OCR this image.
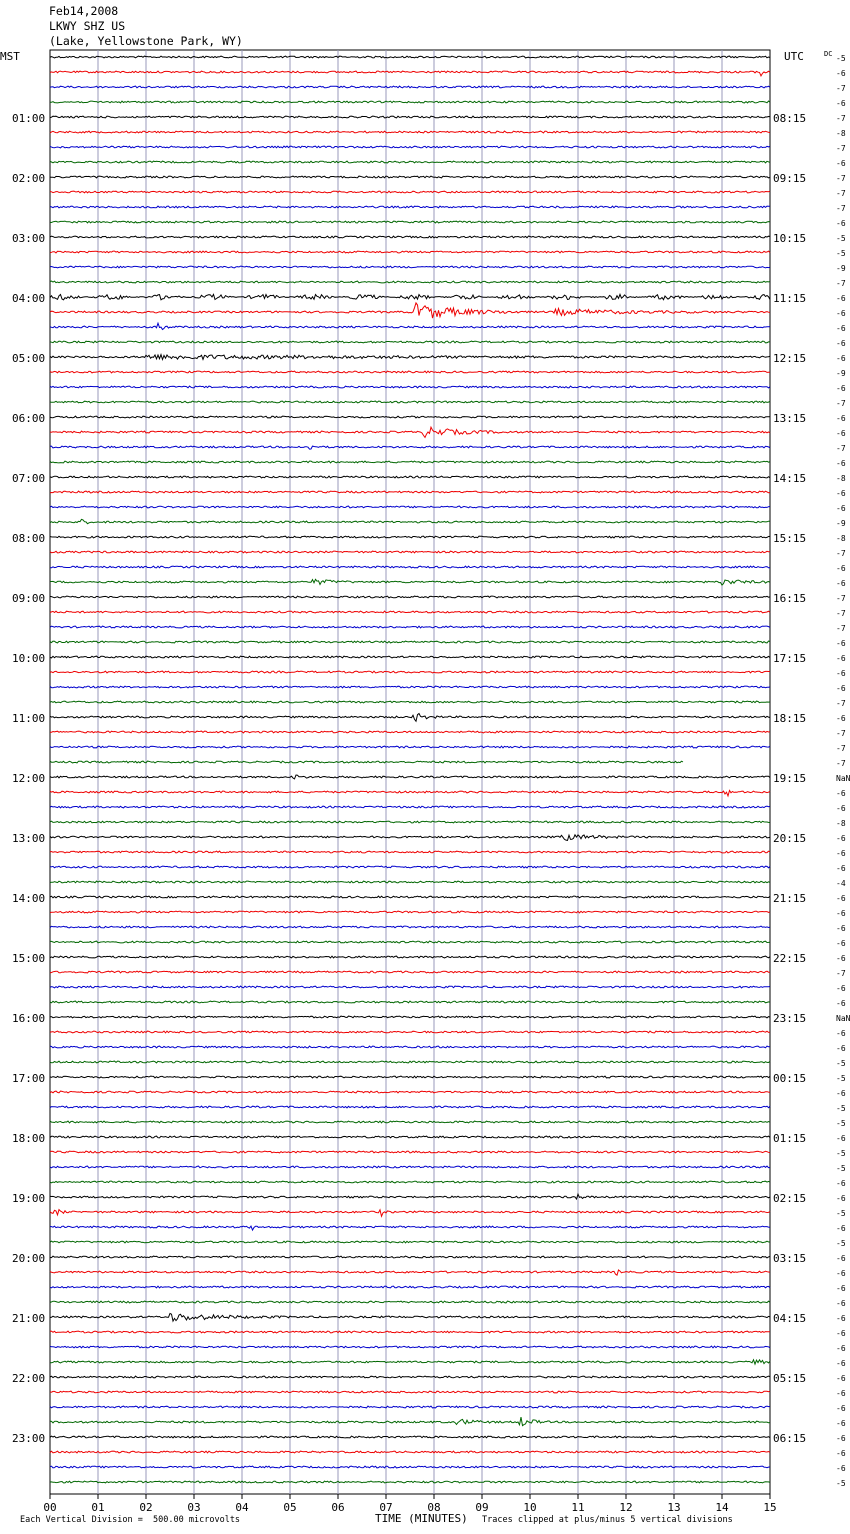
00	01	02	03	04	05	06	07	08	09	10	11	12	13	14	15
-5
-6
-7
-6
-7
01:00	08:15
-8
-7
-6
-7
02:00	09:15
-7
-7
-6
-5
03:00	10:15
-5
-9
-7
-6
04:00	11:15
-6
-6
-6
-6
05:00	12:15
-9
-6
-7
-6
06:00	13:15
-6
-7
-6
-8
07:00	14:15
-6
-6
-9
-8
08:00	15:15
-7
-6
-6
-7
09:00	16:15
-7
-7
-6
-6
10:00	17:15
-6
-6
-7
-6
11:00	18:15
-7
-7
-7
NaN
12:00	19:15
-6
-6
-8
-6
13:00	20:15
-6
-6
-4
-6
14:00	21:15
-6
-6
-6
-6
15:00	22:15
-7
-6
-6
NaN
16:00	23:15
-6
-6
-5
-5
17:00	00:15
-6
-5
-5
-6
18:00	01:15
-5
-5
-6
-6
19:00	02:15
-5
-6
-5
-6
20:00	03:15
-6
-6
-6
-6
21:00	04:15
-6
-6
-6
-6
22:00	05:15
-6
-6
-6
-6
23:00	06:15
-6
-6
-5
DC
Feb14,2008
LKWY SHZ US
(Lake, Yellowstone Park, WY)
MST	UTC
Each Vertical Division =  500.00 microvolts	TIME (MINUTES) Traces clipped at plus/minus 5 vertical divisions
